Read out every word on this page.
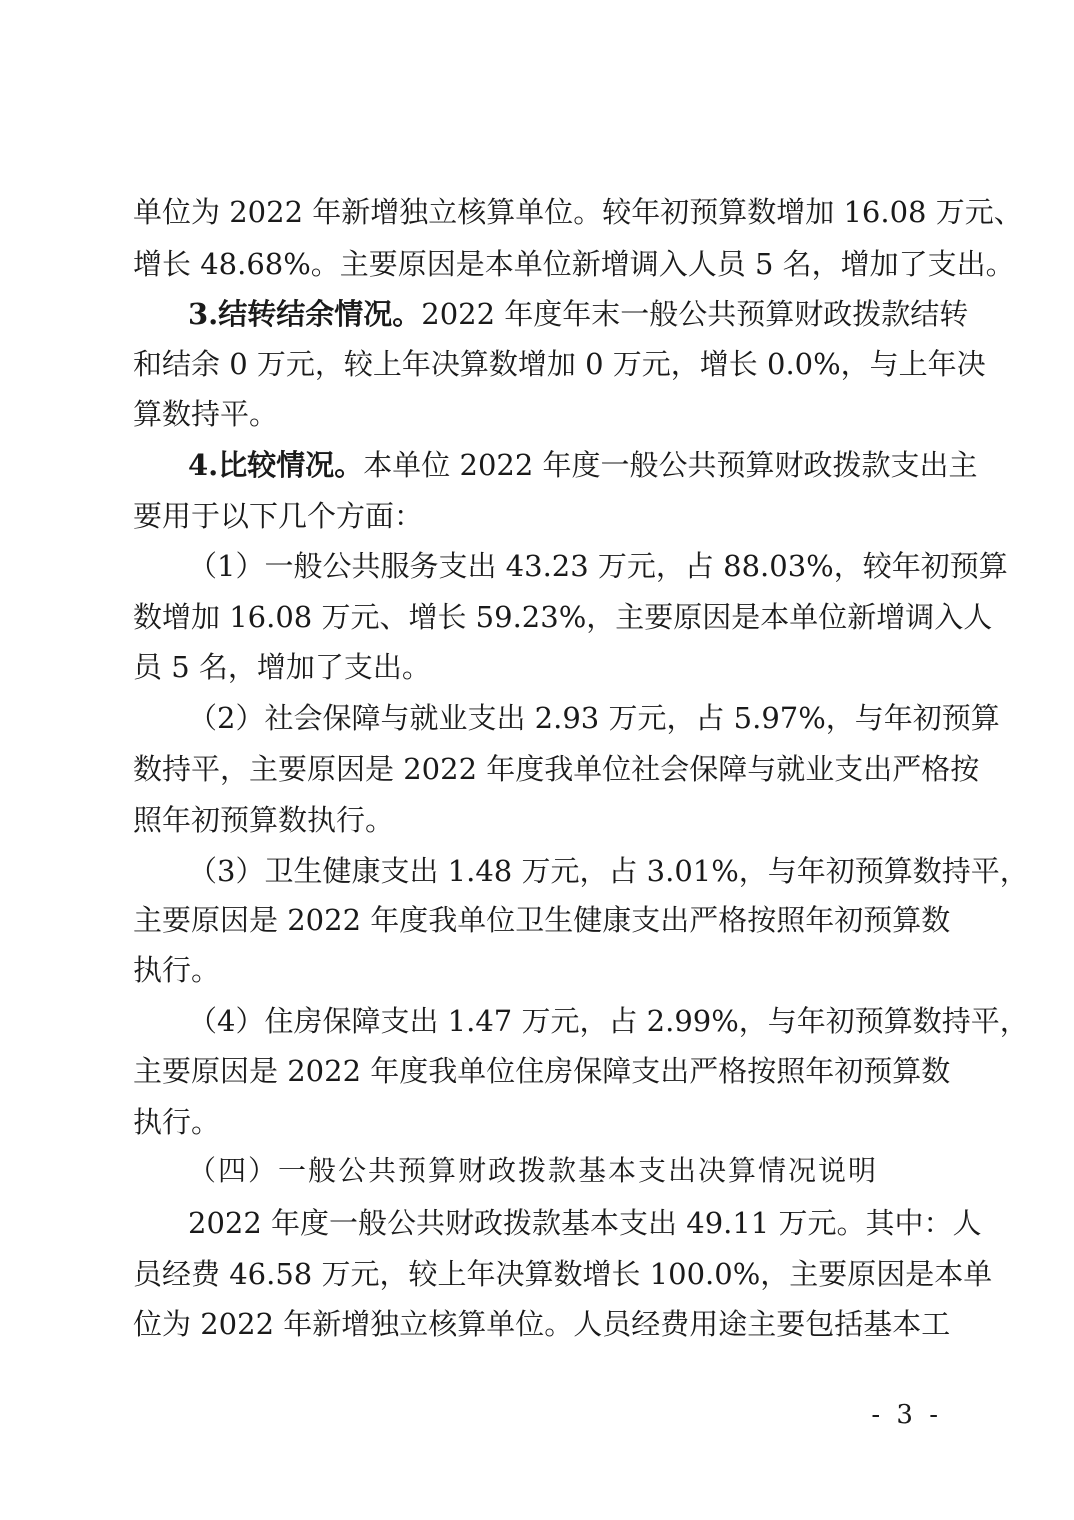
单位为 2022 年新增独立核算单位。较年初预算数增加 16.08 万元、
增长 48.68%。主要原因是本单位新增调入人员 5 名，增加了支出。
3.结转结余情况。2022 年度年末一般公共预算财政拨款结转
和结余 0 万元，较上年决算数增加 0 万元，增长 0.0%，与上年决
算数持平。
4.比较情况。本单位 2022 年度一般公共预算财政拨款支出主
要用于以下几个方面：
（1）一般公共服务支出 43.23 万元，占 88.03%，较年初预算
数增加 16.08 万元、增长 59.23%，主要原因是本单位新增调入人
员 5 名，增加了支出。
（2）社会保障与就业支出 2.93 万元，占 5.97%，与年初预算
数持平，主要原因是 2022 年度我单位社会保障与就业支出严格按
照年初预算数执行。
（3）卫生健康支出 1.48 万元，占 3.01%，与年初预算数持平，
主要原因是 2022 年度我单位卫生健康支出严格按照年初预算数
执行。
（4）住房保障支出 1.47 万元，占 2.99%，与年初预算数持平，
主要原因是 2022 年度我单位住房保障支出严格按照年初预算数
执行。
（四）一般公共预算财政拨款基本支出决算情况说明
2022 年度一般公共财政拨款基本支出 49.11 万元。其中：人
员经费 46.58 万元，较上年决算数增长 100.0%，主要原因是本单
位为 2022 年新增独立核算单位。人员经费用途主要包括基本工
- 3 -
